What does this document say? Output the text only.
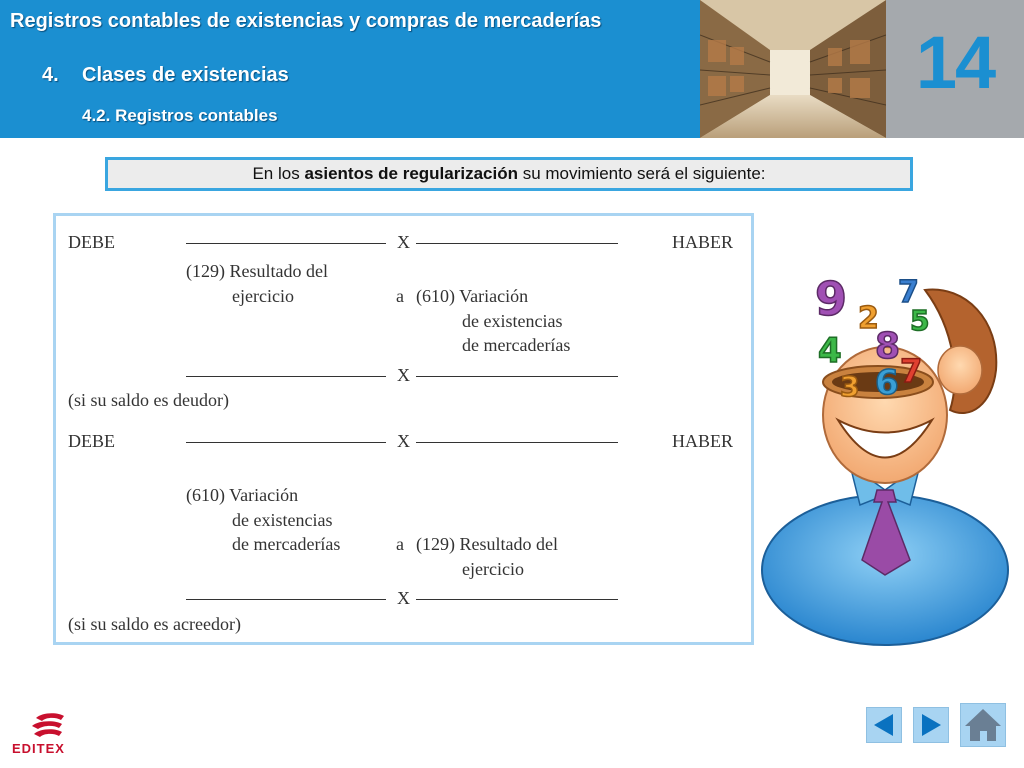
Registros contables de existencias y compras de mercaderías
4. Clases de existencias
4.2. Registros contables
14
En los asientos de regularización su movimiento será el siguiente:
DEBE	X	HABER
(129) Resultado del
ejercicio	a (610) Variación
de existencias
de mercaderías
X
(si su saldo es deudor)
DEBE	X	HABER
(610) Variación
de existencias
de mercaderías	a (129) Resultado del
ejercicio
X
(si su saldo es acreedor)
9 2
7
5
8
4 7
6
3
EDITEX
